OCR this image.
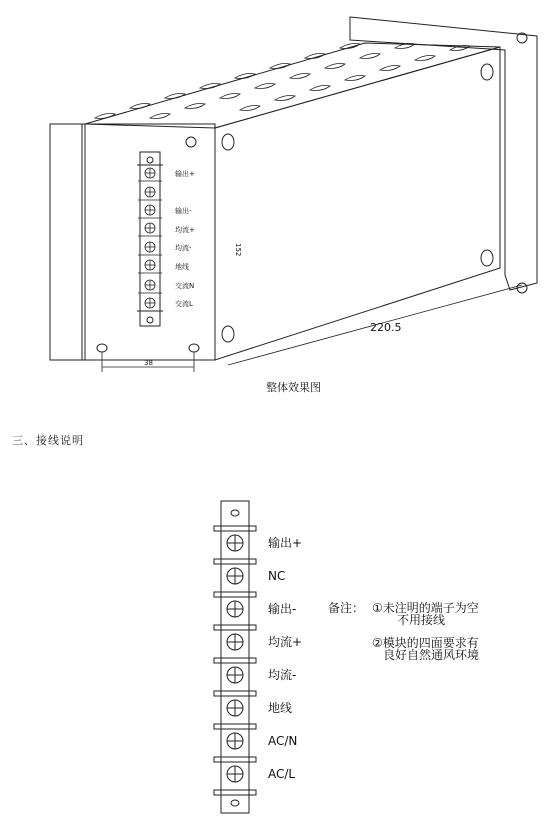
输出+
输出-
均流+
均流-
地线
交流N
交流L
152
220.5
38
整体效果图
输出+
NC
输出-
均流+
均流-
地线
AC/N
AC/L
备注： ①未注明的端子为空
不用接线
②模块的四面要求有
良好自然通风环境
三、接线说明
